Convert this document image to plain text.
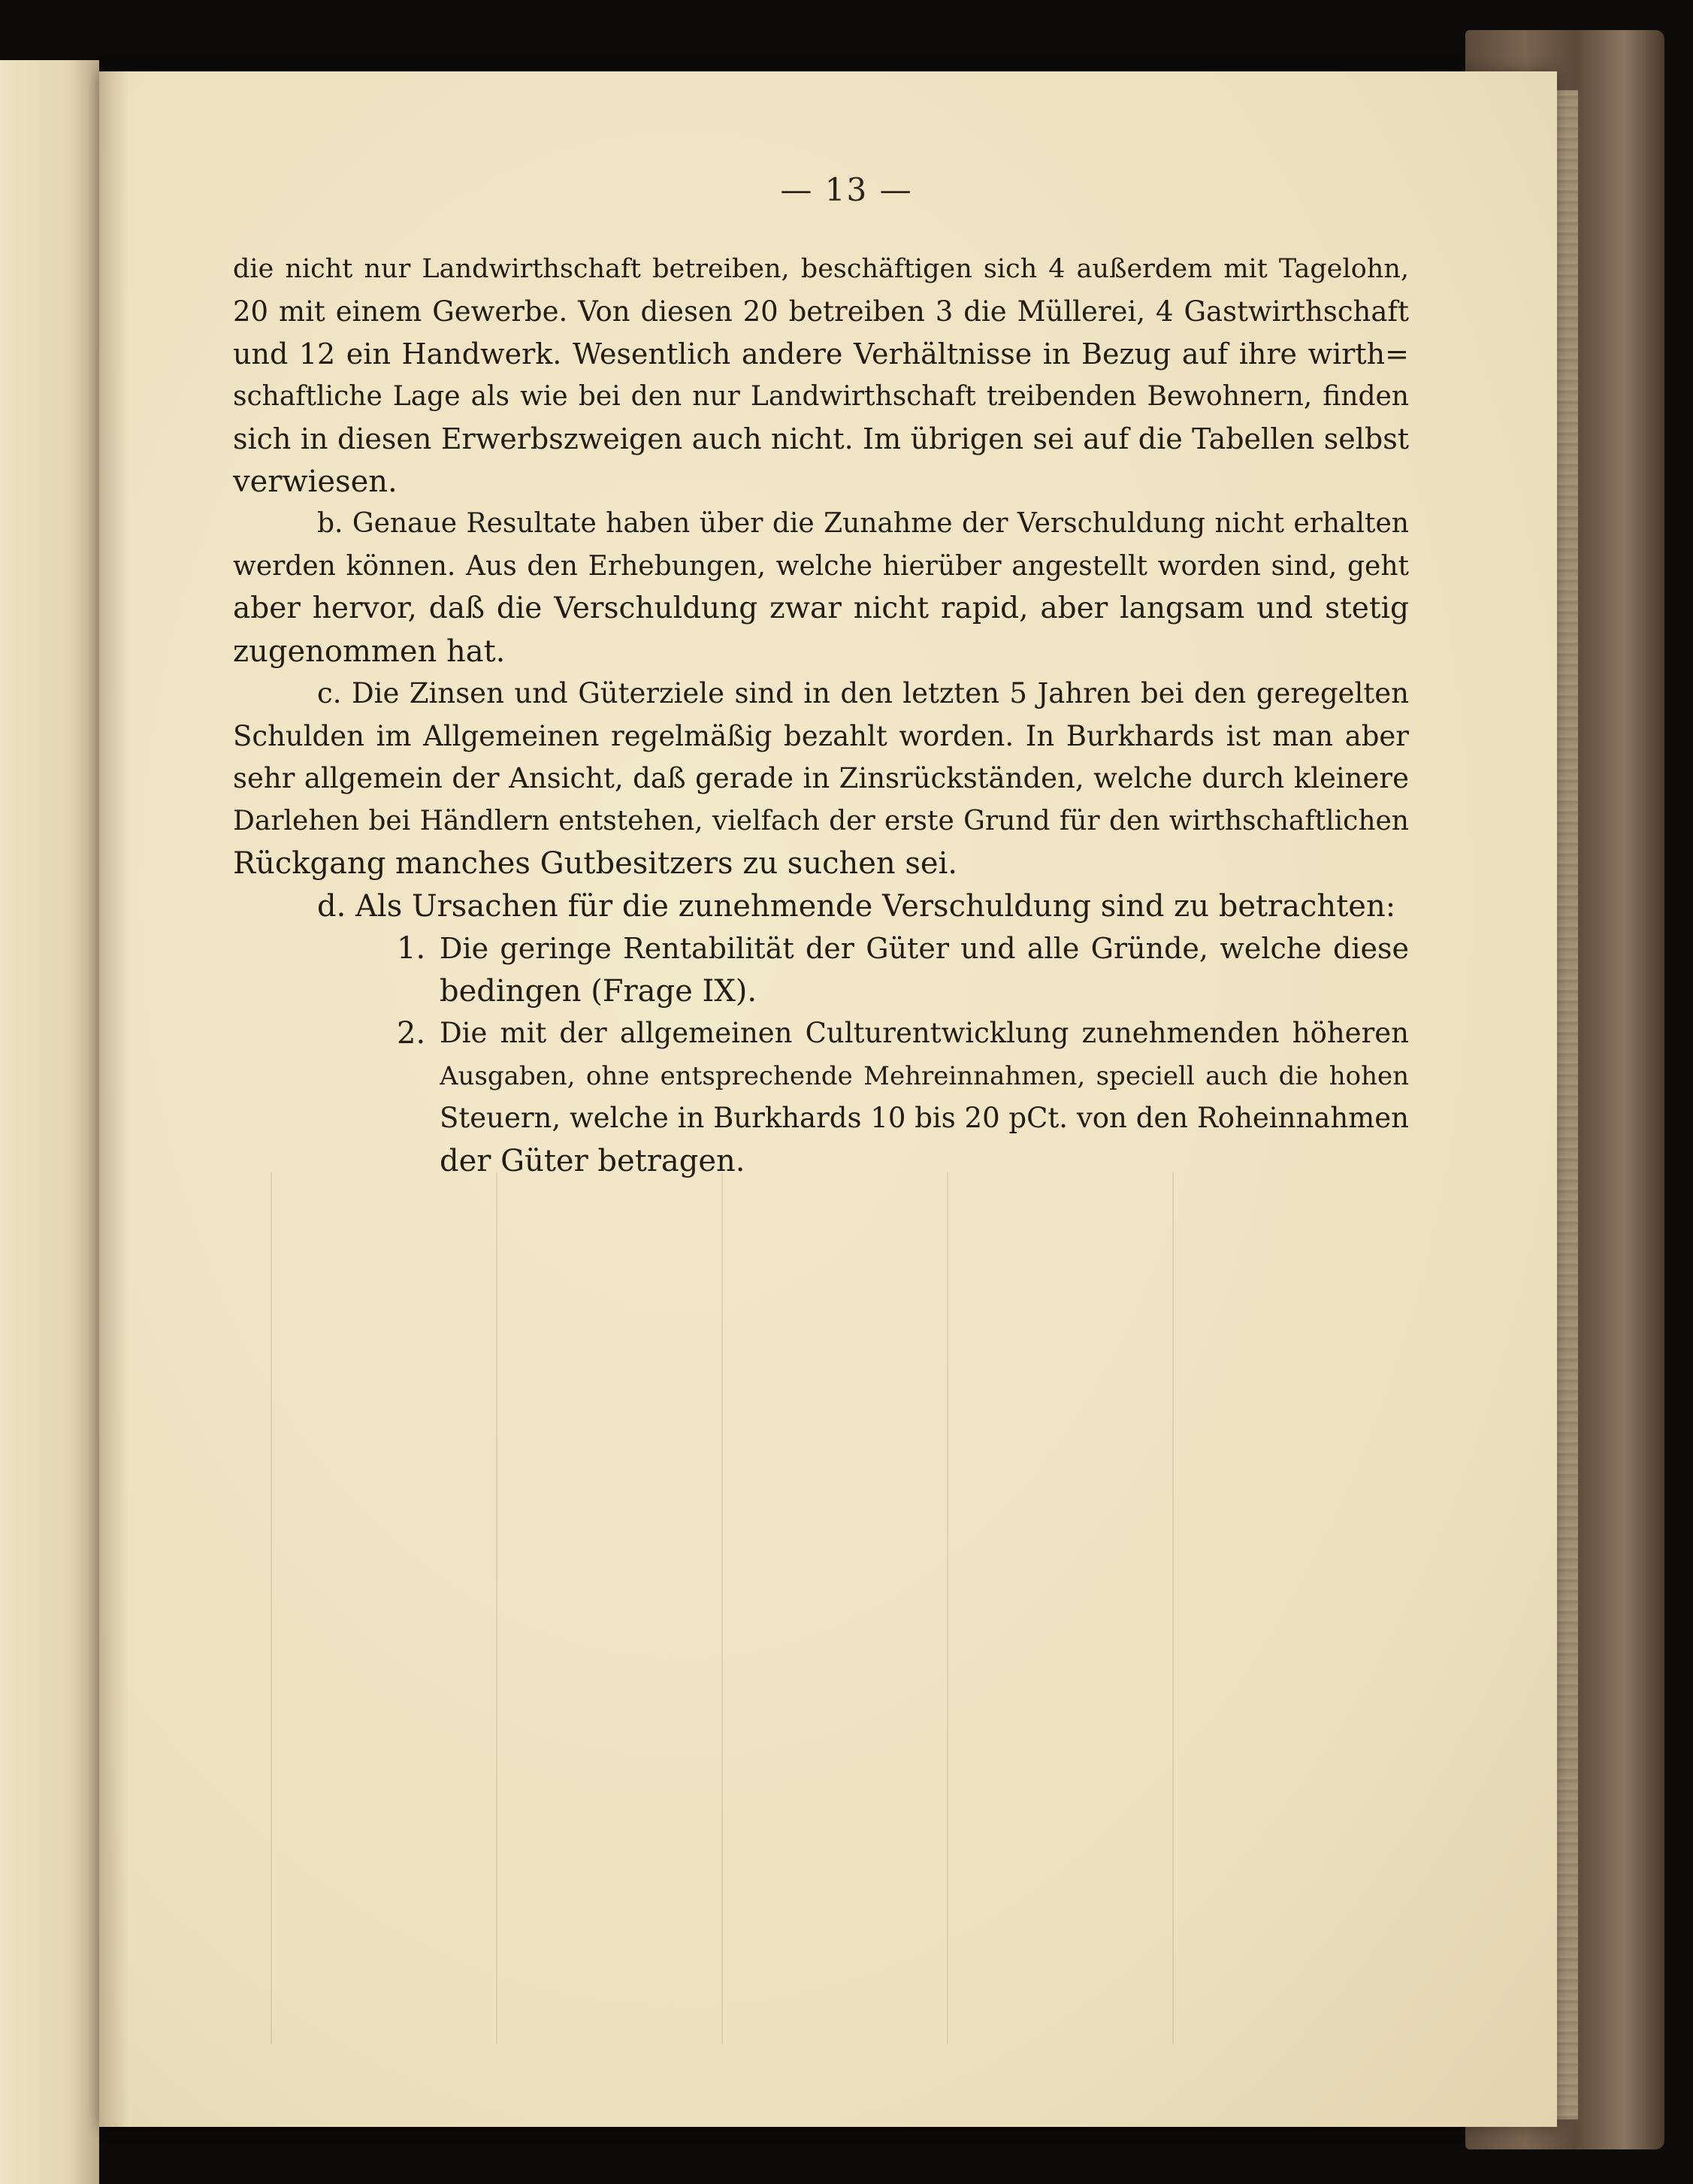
— 13 —
die nicht nur Landwirthschaft betreiben, beschäftigen sich 4 außerdem mit Tagelohn,
20 mit einem Gewerbe. Von diesen 20 betreiben 3 die Müllerei, 4 Gastwirthschaft
und 12 ein Handwerk. Wesentlich andere Verhältnisse in Bezug auf ihre wirth=
schaftliche Lage als wie bei den nur Landwirthschaft treibenden Bewohnern, finden
sich in diesen Erwerbszweigen auch nicht. Im übrigen sei auf die Tabellen selbst
verwiesen.
b. Genaue Resultate haben über die Zunahme der Verschuldung nicht erhalten
werden können. Aus den Erhebungen, welche hierüber angestellt worden sind, geht
aber hervor, daß die Verschuldung zwar nicht rapid, aber langsam und stetig
zugenommen hat.
c. Die Zinsen und Güterziele sind in den letzten 5 Jahren bei den geregelten
Schulden im Allgemeinen regelmäßig bezahlt worden. In Burkhards ist man aber
sehr allgemein der Ansicht, daß gerade in Zinsrückständen, welche durch kleinere
Darlehen bei Händlern entstehen, vielfach der erste Grund für den wirthschaftlichen
Rückgang manches Gutbesitzers zu suchen sei.
d. Als Ursachen für die zunehmende Verschuldung sind zu betrachten:
1. Die geringe Rentabilität der Güter und alle Gründe, welche diese
bedingen (Frage IX).
2. Die mit der allgemeinen Culturentwicklung zunehmenden höheren
Ausgaben, ohne entsprechende Mehreinnahmen, speciell auch die hohen
Steuern, welche in Burkhards 10 bis 20 pCt. von den Roheinnahmen
der Güter betragen.
